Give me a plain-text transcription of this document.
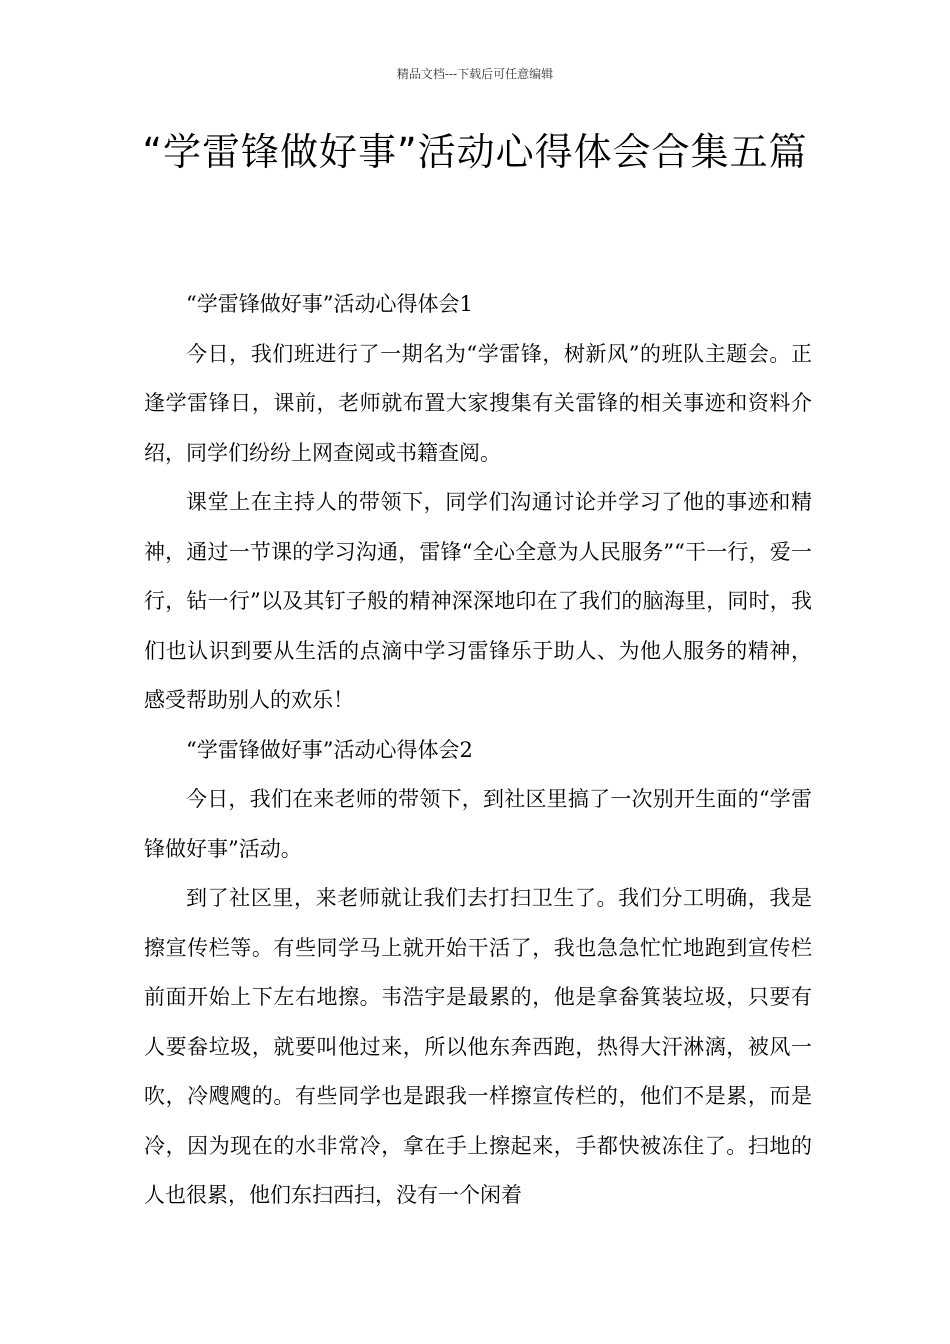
精品文档---下载后可任意编辑
“学雷锋做好事”活动心得体会合集五篇

“学雷锋做好事”活动心得体会1

今日，我们班进行了一期名为“学雷锋，树新风”的班队主题会。正逢学雷锋日，课前，老师就布置大家搜集有关雷锋的相关事迹和资料介绍，同学们纷纷上网查阅或书籍查阅。

课堂上在主持人的带领下，同学们沟通讨论并学习了他的事迹和精神，通过一节课的学习沟通，雷锋“全心全意为人民服务”“干一行，爱一行，钻一行”以及其钉子般的精神深深地印在了我们的脑海里，同时，我们也认识到要从生活的点滴中学习雷锋乐于助人、为他人服务的精神，感受帮助别人的欢乐！

“学雷锋做好事”活动心得体会2

今日，我们在来老师的带领下，到社区里搞了一次别开生面的“学雷锋做好事”活动。

到了社区里，来老师就让我们去打扫卫生了。我们分工明确，我是擦宣传栏等。有些同学马上就开始干活了，我也急急忙忙地跑到宣传栏前面开始上下左右地擦。韦浩宇是最累的，他是拿畚箕装垃圾，只要有人要畚垃圾，就要叫他过来，所以他东奔西跑，热得大汗淋漓，被风一吹，冷飕飕的。有些同学也是跟我一样擦宣传栏的，他们不是累，而是冷，因为现在的水非常冷，拿在手上擦起来，手都快被冻住了。扫地的人也很累，他们东扫西扫，没有一个闲着
